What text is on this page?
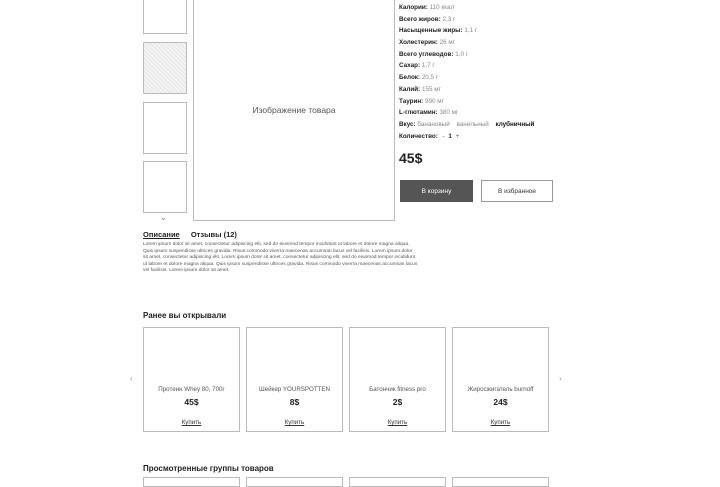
⌄
Изображение товара
Калории: 110 ккал
Всего жиров: 2,3 г
Насыщенные жиры: 1,1 г
Холестерин: 26 мг
Всего углеводов: 1,0 г
Сахар: 1,7 г
Белок: 20,5 г
Калий: 155 мг
Таурин: 990 мг
L-глютамин: 380 мг
Вкус: банановый ванильный клубничный
Количество: - 1 +
45$
В корзину	В избранное
Описание Отзывы (12)
Lorem ipsum dolor sit amet, consectetur adipiscing elit, sed do eiusmod tempor incididunt ut labore et dolore magna aliqua. Quis ipsum suspendisse ultrices gravida. Risus commodo viverra maecenas accumsan lacus vel facilisis. Lorem ipsum dolor sit amet, consectetur adipiscing elit. Lorem ipsum dolor sit amet, consectetur adipiscing elit, sed do eiusmod tempor incididunt ut labore et dolore magna aliqua. Quis ipsum suspendisse ultrices gravida. Risus commodo viverra maecenas accumsan lacus vel facilisis. Lorem ipsum dolor sit amet.
Ранее вы открывали
‹	›
Протеин Whey 80, 700г
45$
Купить
Шейкер YOURSPOTTEN
8$
Купить
Батончик fitness pro
2$
Купить
Жиросжигатель burnoff
24$
Купить
Просмотренные группы товаров
